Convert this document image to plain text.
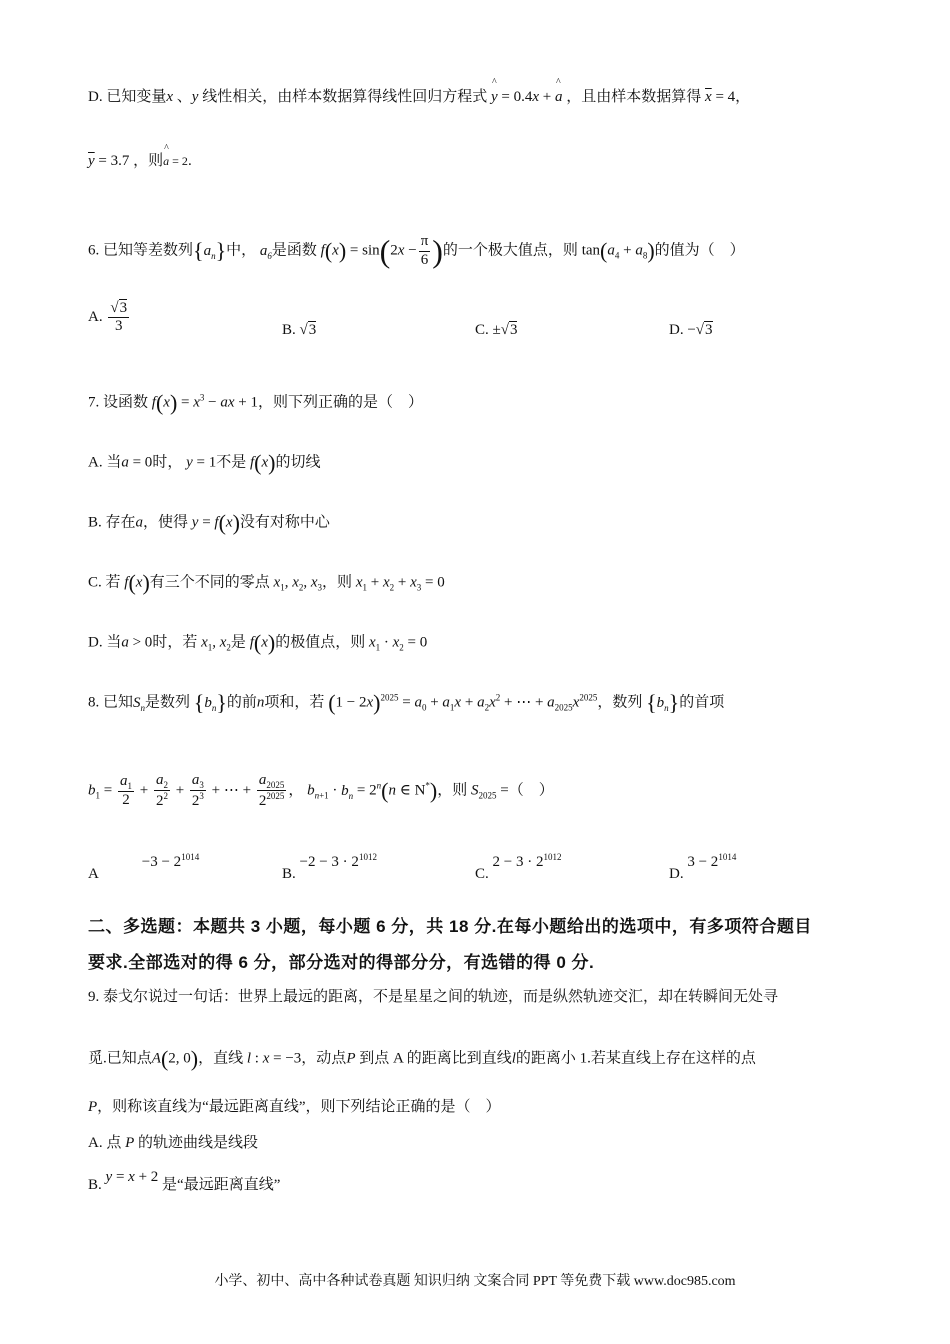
D. 已知变量x 、y 线性相关，由样本数据算得线性回归方程式 ^ y = 0.4x + ^ a ，且由样本数据算得 $\overline{x} = 4$，
$\overline{y} = 3.7$ ，则^ a = 2.
6. 已知等差数列$\{a_n\}$中， $a_6$是函数 $f(x) = \sin(2x - \frac{\pi}{6}$ )的一个极大值点，则 $\tan(a_4 + a_8)$的值为（　）
A. $\frac{√3}{3}$	B. √3	C. ±√3	D. −√3
7. 设函数 $f(x) = x^3$ − ax + 1，则下列正确的是（　）
A. 当a = 0时， y = 1不是 f(x)的切线
B. 存在a，使得 y = f(x)没有对称中心
C. 若 f(x)有三个不同的零点 $x_1$, $x_2$, $x_3$，则 $x_1 + x_2 + x_3 = 0$
D. 当a > 0时，若 $x_1$, $x_2$是 f(x)的极值点，则 $x_1 \cdot x_2 = 0$
8. 已知$S_n$是数列 $\{b_n\}$的前n项和，若 $(1 - 2x)^{2025} = a_0 + a_1x + a_2x^2$ + ⋯ + $a_{2025}x^{2025}$，数列 $\{b_n\}$的首项
$b_1 = \frac{a_1}{2} + \frac{a_2}{2^2} + \frac{a_3}{2^3}$ + ⋯ + $\frac{a_{2025}}{2^{2025}}$ ， $b_{n+1} \cdot b_n = 2^n(n$ ∈ N*)，则 $S_{2025}$ =（　）
$A -3 - 2^{1014}$
B. $-2 - 3 \cdot 2^{1012}$
C. $2 - 3 \cdot 2^{1012}$
D. $3 - 2^{1014}$
二、多选题：本题共 3 小题，每小题 6 分，共 18 分.在每小题给出的选项中，有多项符合题目
要求.全部选对的得 6 分，部分选对的得部分分，有选错的得 0 分.
9. 泰戈尔说过一句话：世界上最远的距离，不是星星之间的轨迹，而是纵然轨迹交汇，却在转瞬间无处寻
觅.已知点A(2, 0)，直线 l : x = −3，动点P 到点 A 的距离比到直线l的距离小 1.若某直线上存在这样的点
P，则称该直线为“最远距离直线”，则下列结论正确的是（　）
A. 点 P 的轨迹曲线是线段
B. y = x + 2 是“最远距离直线”
小学、初中、高中各种试卷真题 知识归纳 文案合同 PPT 等免费下载 www.doc985.com
